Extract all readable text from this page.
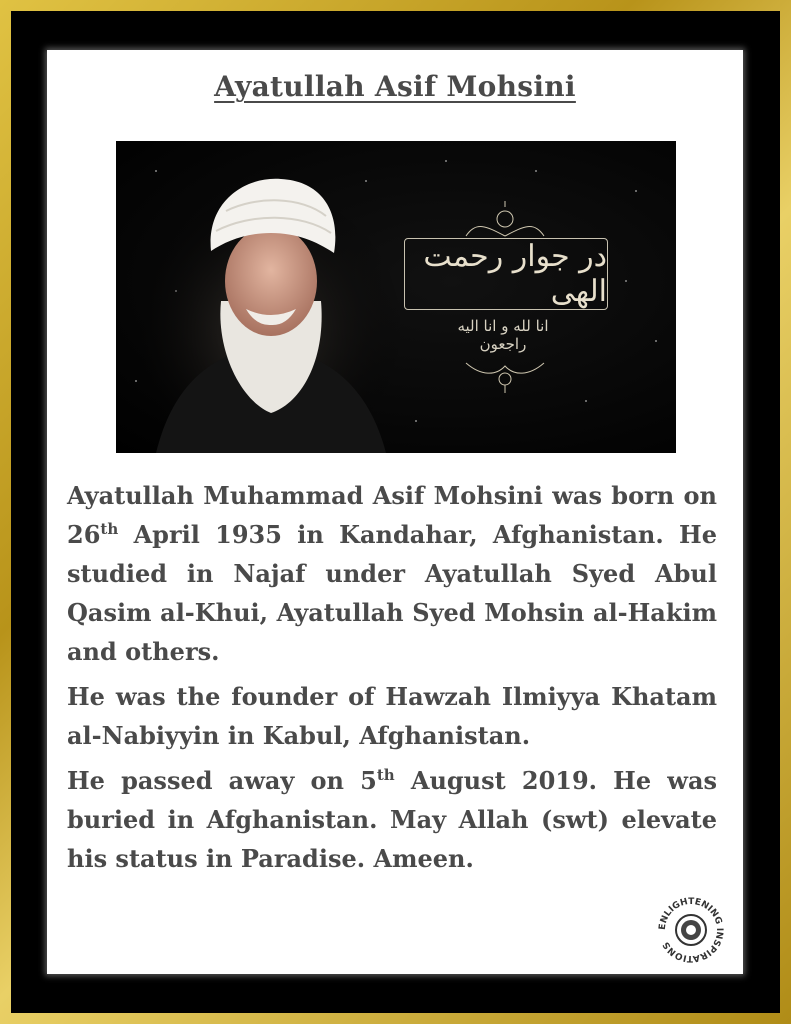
Ayatullah Asif Mohsini
در جوار رحمت الهی
انا لله و انا الیه راجعون

Ayatullah Muhammad Asif Mohsini was born on 26th April 1935 in Kandahar, Afghanistan. He studied in Najaf under Ayatullah Syed Abul Qasim al-Khui, Ayatullah Syed Mohsin al-Hakim and others.

He was the founder of Hawzah Ilmiyya Khatam al-Nabiyyin in Kabul, Afghanistan.

He passed away on 5th August 2019. He was buried in Afghanistan. May Allah (swt) elevate his status in Paradise. Ameen.

ENLIGHTENING INSPIRATIONS
